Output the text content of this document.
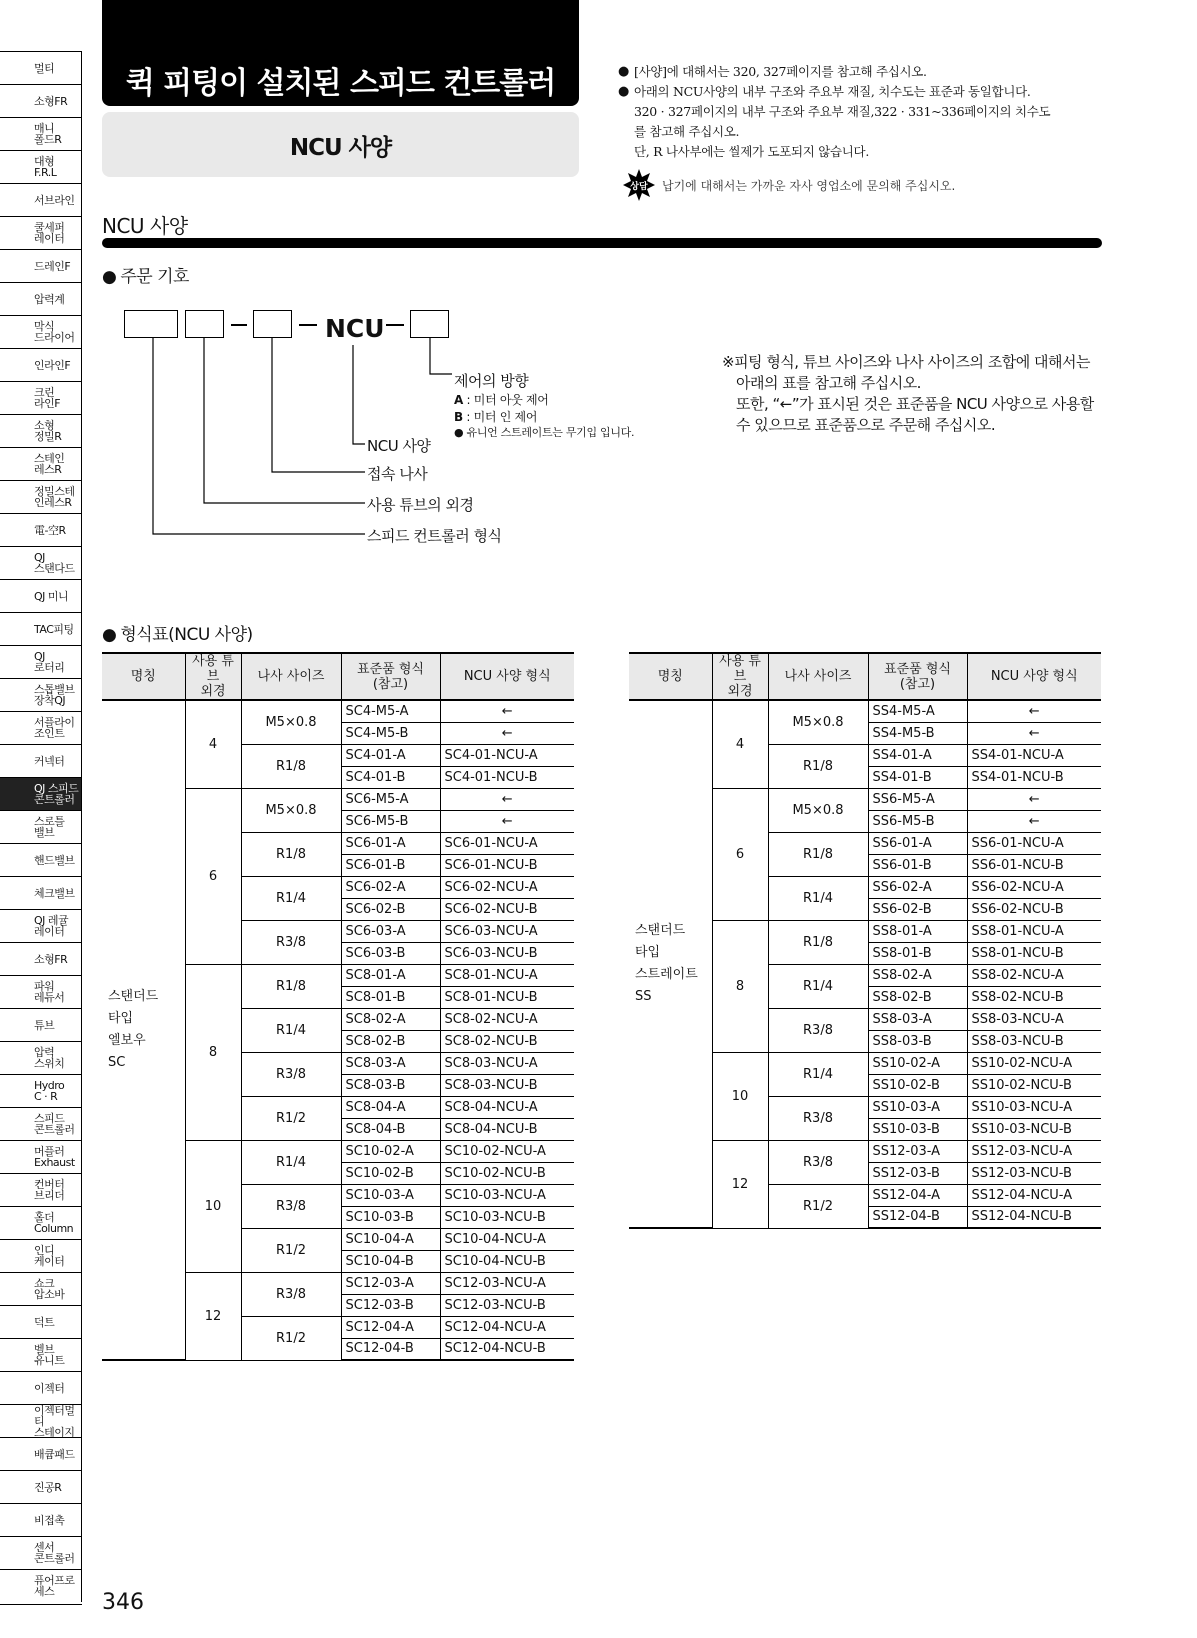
멀티
소형FR
매니
폴드R
대형
F.R.L
서브라인
쿨세퍼
레이터
드레인F
압력계
막식
드라이어
인라인F
크린
라인F
소형
정밀R
스테인
레스R
정밀스테
인레스R
電-空R
QJ
스탠다드
QJ 미니
TAC피팅
QJ
로터리
스톱밸브
장착QJ
서플라이
조인트
커넥터
QJ 스피드
콘트롤러
스로틀
밸브
핸드밸브
체크밸브
QJ 레귤
레이터
소형FR
파워
레듀서
튜브
압력
스위치
Hydro
C · R
스피드
콘트롤러
머플러
Exhaust
컨버터
브리더
홀더
Column
인디
케이터
쇼크
압소바
덕트
벨브
유니트
이젝터
이젝터멀티
스테이지
배큠패드
진공R
비접촉
센서
콘트롤러
퓨어프로
세스
퀵 피팅이 설치된 스피드 컨트롤러
NCU 사양
● [사양]에 대해서는 320, 327페이지를 참고해 주십시오.
● 아래의 NCU사양의 내부 구조와 주요부 재질, 치수도는 표준과 동일합니다.
320 · 327페이지의 내부 구조와 주요부 재질,322 · 331~336페이지의 치수도
를 참고해 주십시오.
단, R 나사부에는 씰제가 도포되지 않습니다.
상담 납기에 대해서는 가까운 자사 영업소에 문의해 주십시오.
NCU 사양
● 주문 기호
NCU
제어의 방향
A : 미터 아웃 제어
B : 미터 인 제어
● 유니언 스트레이트는 무기입 입니다.
NCU 사양
접속 나사
사용 튜브의 외경
스피드 컨트롤러 형식
※피팅 형식, 튜브 사이즈와 나사 사이즈의 조합에 대해서는
아래의 표를 참고해 주십시오.
또한, “←”가 표시된 것은 표준품을 NCU 사양으로 사용할
수 있으므로 표준품으로 주문해 주십시오.
● 형식표(NCU 사양)
명칭	사용 튜브
외경	나사 사이즈	표준품 형식
(참고)	NCU 사양 형식

스탠더드
타입
엘보우
SC	4	M5×0.8	SC4-M5-A	←
			SC4-M5-B	←
		R1/8	SC4-01-A	SC4-01-NCU-A
			SC4-01-B	SC4-01-NCU-B
	6	M5×0.8	SC6-M5-A	←
			SC6-M5-B	←
		R1/8	SC6-01-A	SC6-01-NCU-A
			SC6-01-B	SC6-01-NCU-B
		R1/4	SC6-02-A	SC6-02-NCU-A
			SC6-02-B	SC6-02-NCU-B
		R3/8	SC6-03-A	SC6-03-NCU-A
			SC6-03-B	SC6-03-NCU-B
	8	R1/8	SC8-01-A	SC8-01-NCU-A
			SC8-01-B	SC8-01-NCU-B
		R1/4	SC8-02-A	SC8-02-NCU-A
			SC8-02-B	SC8-02-NCU-B
		R3/8	SC8-03-A	SC8-03-NCU-A
			SC8-03-B	SC8-03-NCU-B
		R1/2	SC8-04-A	SC8-04-NCU-A
			SC8-04-B	SC8-04-NCU-B
	10	R1/4	SC10-02-A	SC10-02-NCU-A
			SC10-02-B	SC10-02-NCU-B
		R3/8	SC10-03-A	SC10-03-NCU-A
			SC10-03-B	SC10-03-NCU-B
		R1/2	SC10-04-A	SC10-04-NCU-A
			SC10-04-B	SC10-04-NCU-B
	12	R3/8	SC12-03-A	SC12-03-NCU-A
			SC12-03-B	SC12-03-NCU-B
		R1/2	SC12-04-A	SC12-04-NCU-A
			SC12-04-B	SC12-04-NCU-B
명칭	사용 튜브
외경	나사 사이즈	표준품 형식
(참고)	NCU 사양 형식

스탠더드
타입
스트레이트
SS	4	M5×0.8	SS4-M5-A	←
			SS4-M5-B	←
		R1/8	SS4-01-A	SS4-01-NCU-A
			SS4-01-B	SS4-01-NCU-B
	6	M5×0.8	SS6-M5-A	←
			SS6-M5-B	←
		R1/8	SS6-01-A	SS6-01-NCU-A
			SS6-01-B	SS6-01-NCU-B
		R1/4	SS6-02-A	SS6-02-NCU-A
			SS6-02-B	SS6-02-NCU-B
	8	R1/8	SS8-01-A	SS8-01-NCU-A
			SS8-01-B	SS8-01-NCU-B
		R1/4	SS8-02-A	SS8-02-NCU-A
			SS8-02-B	SS8-02-NCU-B
		R3/8	SS8-03-A	SS8-03-NCU-A
			SS8-03-B	SS8-03-NCU-B
	10	R1/4	SS10-02-A	SS10-02-NCU-A
			SS10-02-B	SS10-02-NCU-B
		R3/8	SS10-03-A	SS10-03-NCU-A
			SS10-03-B	SS10-03-NCU-B
	12	R3/8	SS12-03-A	SS12-03-NCU-A
			SS12-03-B	SS12-03-NCU-B
		R1/2	SS12-04-A	SS12-04-NCU-A
			SS12-04-B	SS12-04-NCU-B
346
